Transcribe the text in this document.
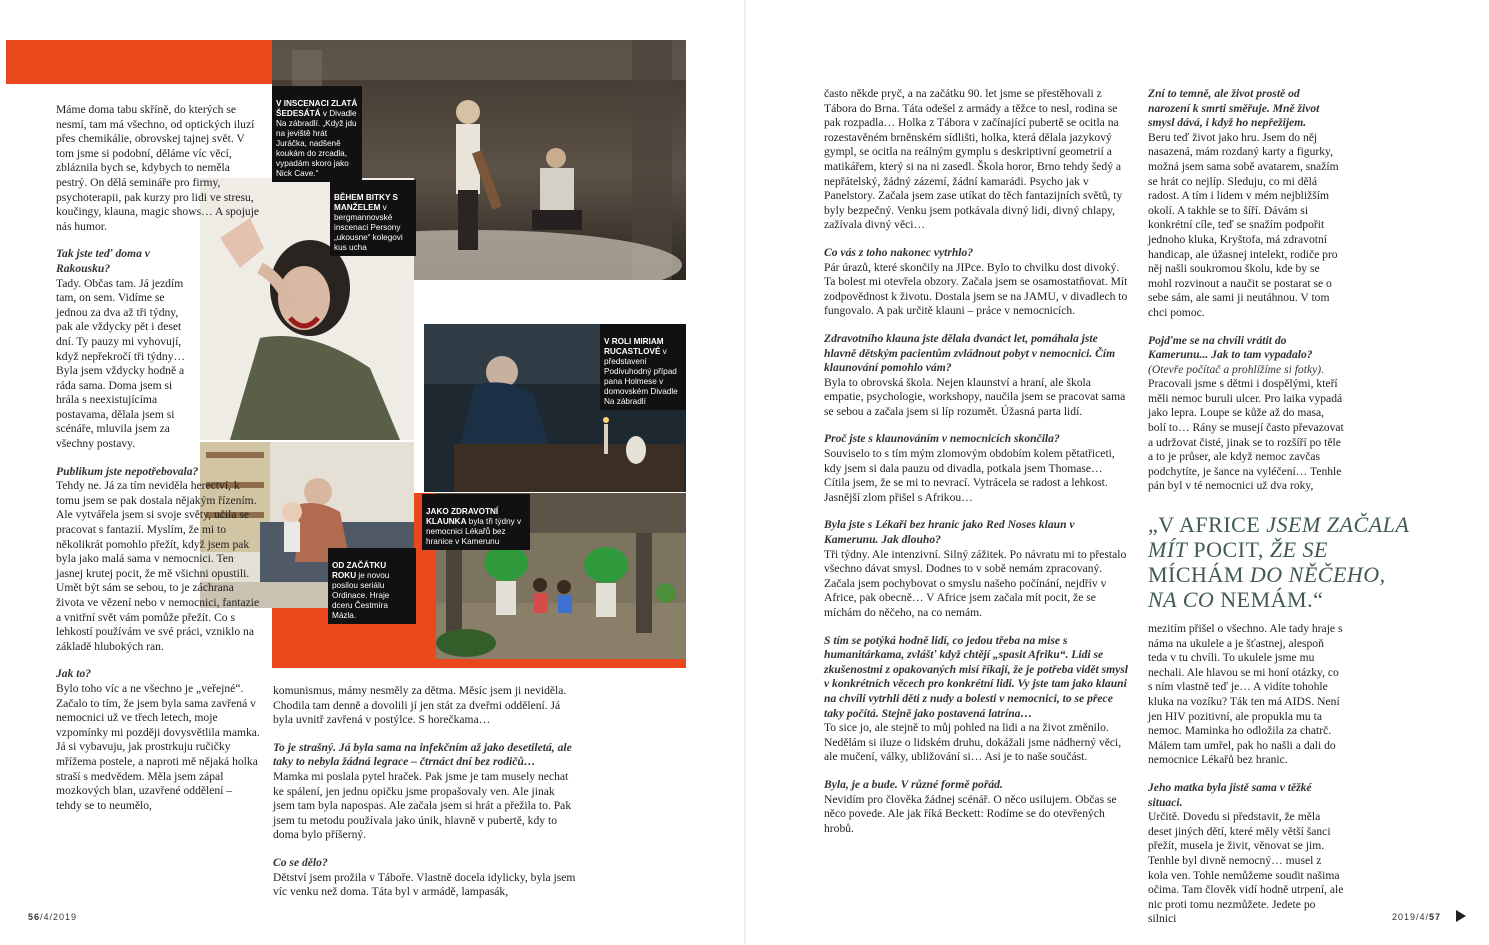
V INSCENACI ZLATÁ ŠEDESÁTÁ v Divadle Na zábradlí. „Když jdu na jeviště hrát Juráčka, nadšeně koukám do zrcadla, vypadám skoro jako Nick Cave.“

BĚHEM BITKY S MANŽELEM v bergmannovské inscenaci Persony „ukousne“ kolegovi kus ucha

V ROLI MIRIAM RUCASTLOVÉ v představení Podivuhodný případ pana Holmese v domovském Divadle Na zábradlí

JAKO ZDRAVOTNÍ KLAUNKA byla tři týdny v nemocnici Lékařů bez hranice v Kamerunu

OD ZAČÁTKU ROKU je novou posilou seriálu Ordinace. Hraje dceru Čestmíra Mázla.

Máme doma tabu skříně, do kterých se nesmí, tam má všechno, od optických iluzí přes chemikálie, obrovskej tajnej svět. V tom jsme si podobní, děláme víc věcí, zbláznila bych se, kdybych to neměla pestrý. On dělá semináře pro firmy, psychoterapii, pak kurzy pro lidi ve stresu, koučingy, klauna, magic shows… A spojuje nás humor.

Tak jste teď doma v Rakousku?
Tady. Občas tam. Já jezdím tam, on sem. Vidíme se jednou za dva až tři týdny, pak ale vždycky pět i deset dní. Ty pauzy mi vyhovují, když nepřekročí tři týdny… Byla jsem vždycky hodně a ráda sama. Doma jsem si hrála s neexistujícíma postavama, dělala jsem si scénáře, mluvila jsem za všechny postavy.

Publikum jste nepotřebovala?
Tehdy ne. Já za tím neviděla herectví, k tomu jsem se pak dostala nějakým řízením. Ale vytvářela jsem si svoje světy, učila se pracovat s fantazií. Myslím, že mi to několikrát pomohlo přežít, když jsem pak byla jako malá sama v nemocnici. Ten jasnej krutej pocit, že mě všichni opustili. Umět být sám se sebou, to je záchrana života ve vězení nebo v nemocnici, fantazie a vnitřní svět vám pomůže přežít. Co s lehkostí používám ve své práci, vzniklo na základě hlubokých ran.

Jak to?
Bylo toho víc a ne všechno je „veřejné“. Začalo to tím, že jsem byla sama zavřená v nemocnici už ve třech letech, moje vzpomínky mi později dovysvětlila mamka. Já si vybavuju, jak prostrkuju ručičky mřížema postele, a naproti mě nějaká holka straší s medvědem. Měla jsem zápal mozkových blan, uzavřené oddělení – tehdy se to neumělo,

komunismus, mámy nesměly za dětma. Měsíc jsem ji neviděla. Chodila tam denně a dovolili jí jen stát za dveřmi oddělení. Já byla uvnitř zavřená v postýlce. S horečkama…

To je strašný. Já byla sama na infekčním až jako desetiletá, ale taky to nebyla žádná legrace – čtrnáct dní bez rodičů…
Mamka mi poslala pytel hraček. Pak jsme je tam musely nechat ke spálení, jen jednu opičku jsme propašovaly ven. Ale jinak jsem tam byla napospas. Ale začala jsem si hrát a přežila to. Pak jsem tu metodu používala jako únik, hlavně v pubertě, kdy to doma bylo příšerný.

Co se dělo?
Dětství jsem prožila v Táboře. Vlastně docela idylicky, byla jsem víc venku než doma. Táta byl v armádě, lampasák,

často někde pryč, a na začátku 90. let jsme se přestěhovali z Tábora do Brna. Táta odešel z armády a těžce to nesl, rodina se pak rozpadla… Holka z Tábora v začínající pubertě se ocitla na rozestavěném brněnském sídlišti, holka, která dělala jazykový gympl, se ocitla na reálným gymplu s deskriptivní geometrií a matikářem, který si na ni zasedl. Škola horor, Brno tehdy šedý a nepřátelský, žádný zázemí, žádní kamarádi. Psycho jak v Panelstory. Začala jsem zase utíkat do těch fantazijních světů, ty byly bezpečný. Venku jsem potkávala divný lidi, divný chlapy, zažívala divný věci…

Co vás z toho nakonec vytrhlo?
Pár úrazů, které skončily na JIPce. Bylo to chvilku dost divoký. Ta bolest mi otevřela obzory. Začala jsem se osamostatňovat. Mít zodpovědnost k životu. Dostala jsem se na JAMU, v divadlech to fungovalo. A pak určitě klauni – práce v nemocnicích.

Zdravotního klauna jste dělala dvanáct let, pomáhala jste hlavně dětským pacientům zvládnout pobyt v nemocnici. Čím klaunování pomohlo vám?
Byla to obrovská škola. Nejen klaunství a hraní, ale škola empatie, psychologie, workshopy, naučila jsem se pracovat sama se sebou a začala jsem si líp rozumět. Úžasná parta lidí.

Proč jste s klaunováním v nemocnicích skončila?
Souviselo to s tím mým zlomovým obdobím kolem pětatřiceti, kdy jsem si dala pauzu od divadla, potkala jsem Thomase… Cítila jsem, že se mi to nevrací. Vytrácela se radost a lehkost. Jasnější zlom přišel s Afrikou…

Byla jste s Lékaři bez hranic jako Red Noses klaun v Kamerunu. Jak dlouho?
Tři týdny. Ale intenzivní. Silný zážitek. Po návratu mi to přestalo všechno dávat smysl. Dodnes to v sobě nemám zpracovaný. Začala jsem pochybovat o smyslu našeho počínání, nejdřív v Africe, pak obecně… V Africe jsem začala mít pocit, že se míchám do něčeho, na co nemám.

S tím se potýká hodně lidí, co jedou třeba na mise s humanitárkama, zvlášť když chtějí „spasit Afriku“. Lidi se zkušenostmi z opakovaných misí říkají, že je potřeba vidět smysl v konkrétních věcech pro konkrétní lidi. Vy jste tam jako klauni na chvíli vytrhli děti z nudy a bolesti v nemocnici, to se přece taky počítá. Stejně jako postavená latrína…
To sice jo, ale stejně to můj pohled na lidi a na život změnilo. Nedělám si iluze o lidském druhu, dokážali jsme nádherný věci, ale mučení, války, ubližování si… Asi je to naše součást.

Byla, je a bude. V různé formě pořád.
Nevidím pro člověka žádnej scénář. O něco usilujem. Občas se něco povede. Ale jak říká Beckett: Rodíme se do otevřených hrobů.

Zní to temně, ale život prostě od narození k smrti směřuje. Mně život smysl dává, i když ho nepřežijem.
Beru teď život jako hru. Jsem do něj nasazená, mám rozdaný karty a figurky, možná jsem sama sobě avatarem, snažím se hrát co nejlíp. Sleduju, co mi dělá radost. A tím i lidem v mém nejbližším okolí. A takhle se to šíří. Dávám si konkrétní cíle, teď se snažím podpořit jednoho kluka, Kryštofa, má zdravotní handicap, ale úžasnej intelekt, rodiče pro něj našli soukromou školu, kde by se mohl rozvinout a naučit se postarat se o sebe sám, ale sami ji neutáhnou. V tom chci pomoc.

Pojďme se na chvíli vrátit do Kamerunu... Jak to tam vypadalo?
(Otevře počítač a prohlížíme si fotky).
Pracovali jsme s dětmi i dospělými, kteří měli nemoc buruli ulcer. Pro laika vypadá jako lepra. Loupe se kůže až do masa, bolí to… Rány se musejí často převazovat a udržovat čisté, jinak se to rozšíří po těle a to je průser, ale když nemoc zavčas podchytíte, je šance na vyléčení… Tenhle pán byl v té nemocnici už dva roky,

„V AFRICE JSEM ZAČALA
MÍT POCIT, ŽE SE
MÍCHÁM DO NĚČEHO,
NA CO NEMÁM.“

mezitím přišel o všechno. Ale tady hraje s náma na ukulele a je šťastnej, alespoň teda v tu chvíli. To ukulele jsme mu nechali. Ale hlavou se mi honí otázky, co s ním vlastně teď je… A vidíte tohohle kluka na vozíku? Ták ten má AIDS. Není jen HIV pozitivní, ale propukla mu ta nemoc. Maminka ho odložila za chatrč. Málem tam umřel, pak ho našli a dali do nemocnice Lékařů bez hranic.

Jeho matka byla jistě sama v těžké situaci.
Určitě. Dovedu si představit, že měla deset jiných dětí, které měly větší šanci přežít, musela je živit, věnovat se jim. Tenhle byl divně nemocný… musel z kola ven. Tohle nemůžeme soudit našima očima. Tam člověk vidí hodně utrpení, ale nic proti tomu nezmůžete. Jedete po silnici

56/4/2019	2019/4/57
